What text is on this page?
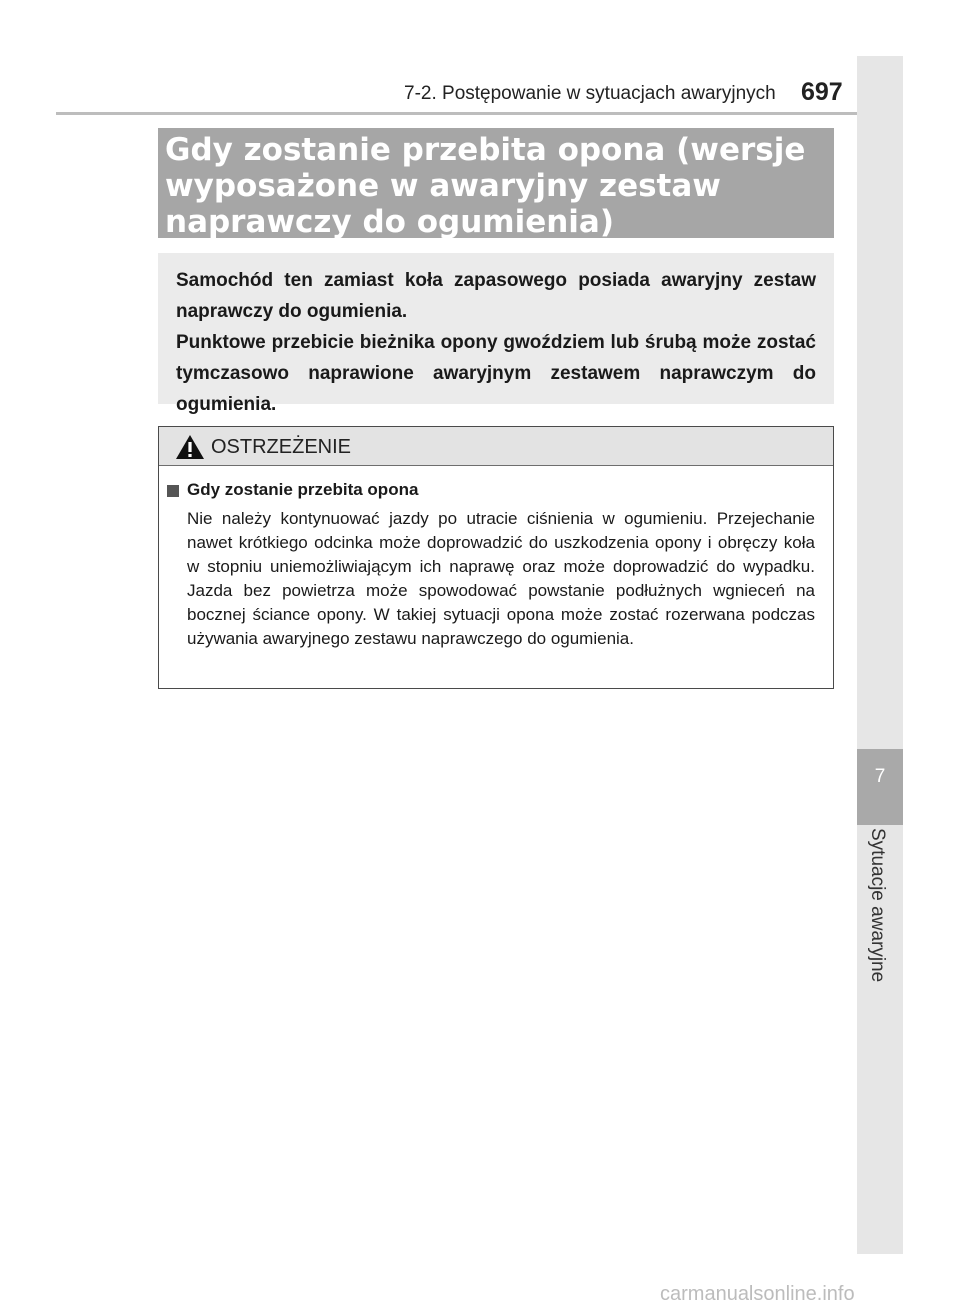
7-2. Postępowanie w sytuacjach awaryjnych 697
7
Sytuacje awaryjne
Gdy zostanie przebita opona (wersje wyposażone w awaryjny zestaw naprawczy do ogumienia)

Samochód ten zamiast koła zapasowego posiada awaryjny zestaw naprawczy do ogumienia.

Punktowe przebicie bieżnika opony gwoździem lub śrubą może zostać tymczasowo naprawione awaryjnym zestawem naprawczym do ogumienia.

OSTRZEŻENIE
Gdy zostanie przebita opona

Nie należy kontynuować jazdy po utracie ciśnienia w ogumieniu. Przejechanie nawet krótkiego odcinka może doprowadzić do uszkodzenia opony i obręczy koła w stopniu uniemożliwiającym ich naprawę oraz może doprowadzić do wypadku. Jazda bez powietrza może spowodować powstanie podłużnych wgnieceń na bocznej ściance opony. W takiej sytuacji opona może zostać rozerwana podczas używania awaryjnego zestawu naprawczego do ogumienia.

carmanualsonline.info
